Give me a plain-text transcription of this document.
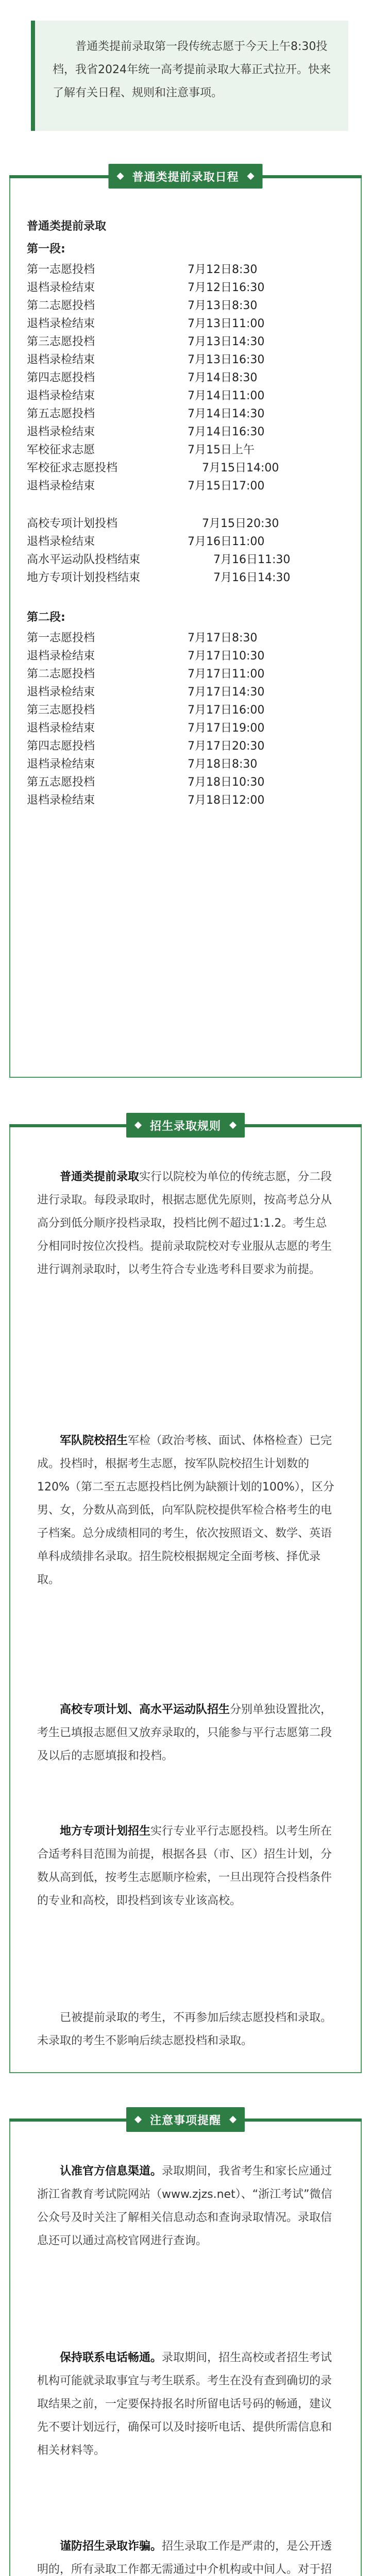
普通类提前录取第一段传统志愿于今天上午8:30投档，我省2024年统一高考提前录取大幕正式拉开。快来了解有关日程、规则和注意事项。
普通类提前录取日程
普通类提前录取
第一段:
第一志愿投档	7月12日8:30
退档录检结束	7月12日16:30
第二志愿投档	7月13日8:30
退档录检结束	7月13日11:00
第三志愿投档	7月13日14:30
退档录检结束	7月13日16:30
第四志愿投档	7月14日8:30
退档录检结束	7月14日11:00
第五志愿投档	7月14日14:30
退档录检结束	7月14日16:30
军校征求志愿	7月15日上午
军校征求志愿投档	7月15日14:00
退档录检结束	7月15日17:00
高校专项计划投档	7月15日20:30
退档录检结束	7月16日11:00
高水平运动队投档结束	7月16日11:30
地方专项计划投档结束	7月16日14:30
第二段:
第一志愿投档	7月17日8:30
退档录检结束	7月17日10:30
第二志愿投档	7月17日11:00
退档录检结束	7月17日14:30
第三志愿投档	7月17日16:00
退档录检结束	7月17日19:00
第四志愿投档	7月17日20:30
退档录检结束	7月18日8:30
第五志愿投档	7月18日10:30
退档录检结束	7月18日12:00
招生录取规则
普通类提前录取实行以院校为单位的传统志愿，分二段进行录取。每段录取时，根据志愿优先原则，按高考总分从高分到低分顺序投档录取，投档比例不超过1:1.2。考生总分相同时按位次投档。提前录取院校对专业服从志愿的考生进行调剂录取时，以考生符合专业选考科目要求为前提。
军队院校招生军检（政治考核、面试、体格检查）已完成。投档时，根据考生志愿，按军队院校招生计划数的120%（第二至五志愿投档比例为缺额计划的100%），区分男、女，分数从高到低，向军队院校提供军检合格考生的电子档案。总分成绩相同的考生，依次按照语文、数学、英语单科成绩排名录取。招生院校根据规定全面考核、择优录取。
高校专项计划、高水平运动队招生分别单独设置批次，考生已填报志愿但又放弃录取的，只能参与平行志愿第二段及以后的志愿填报和投档。
地方专项计划招生实行专业平行志愿投档。以考生所在合适考科目范围为前提，根据各县（市、区）招生计划，分数从高到低，按考生志愿顺序检索，一旦出现符合投档条件的专业和高校，即投档到该专业该高校。
已被提前录取的考生，不再参加后续志愿投档和录取。未录取的考生不影响后续志愿投档和录取。
注意事项提醒
认准官方信息渠道。录取期间，我省考生和家长应通过浙江省教育考试院网站（www.zjzs.net）、“浙江考试”微信公众号及时关注了解相关信息动态和查询录取情况。录取信息还可以通过高校官网进行查询。
保持联系电话畅通。录取期间，招生高校或者招生考试机构可能就录取事宜与考生联系。考生在没有查到确切的录取结果之前，一定要保持报名时所留电话号码的畅通，建议先不要计划远行，确保可以及时接听电话、提供所需信息和相关材料等。
谨防招生录取诈骗。招生录取工作是严肃的，是公开透明的，所有录取工作都无需通过中介机构或中间人。对于招
